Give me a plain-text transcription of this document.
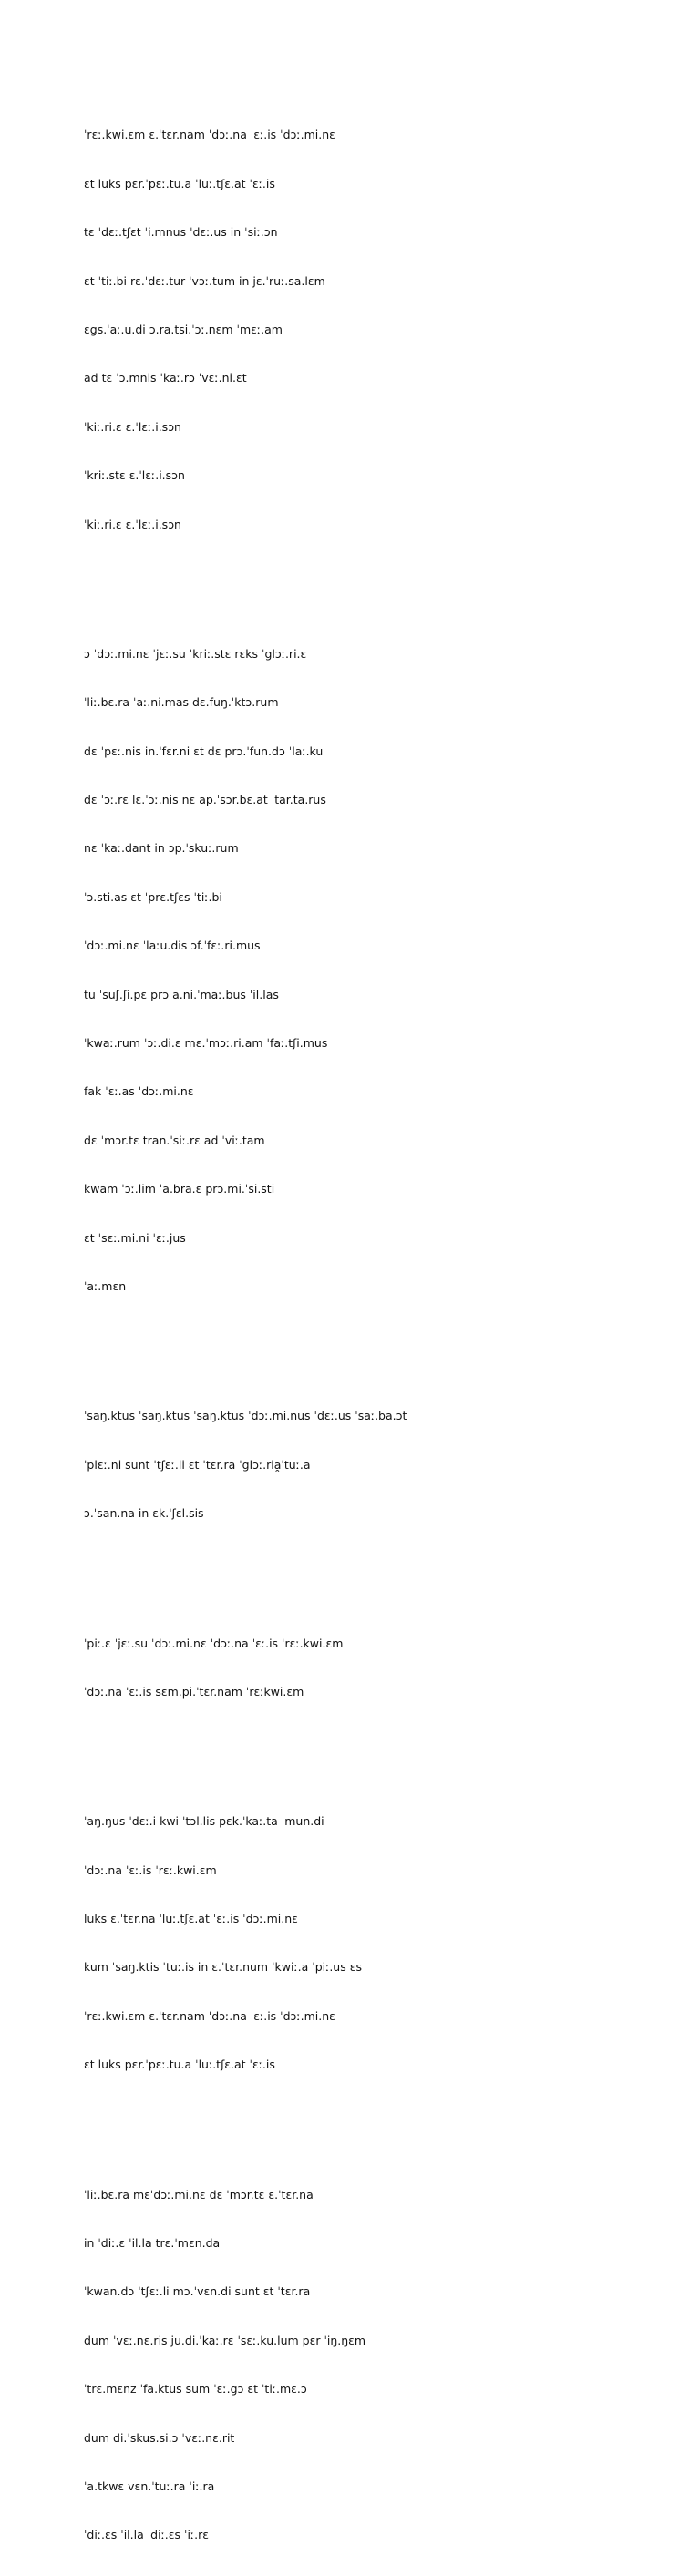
ˈrɛː.kwi.ɛm ɛ.ˈtɛr.nam ˈdɔː.na ˈɛː.is ˈdɔː.mi.nɛ

ɛt luks pɛr.ˈpɛː.tu.a ˈluː.tʃɛ.at ˈɛː.is

tɛ ˈdɛː.tʃɛt ˈi.mnus ˈdɛː.us in ˈsiː.ɔn

ɛt ˈtiː.bi rɛ.ˈdɛː.tur ˈvɔː.tum in jɛ.ˈruː.sa.lɛm

ɛgs.ˈaː.u.di ɔ.ra.tsi.ˈɔː.nɛm ˈmɛː.am

ad tɛ ˈɔ.mnis ˈkaː.rɔ ˈvɛː.ni.ɛt

ˈkiː.ri.ɛ ɛ.ˈlɛː.i.sɔn

ˈkriː.stɛ ɛ.ˈlɛː.i.sɔn

ˈkiː.ri.ɛ ɛ.ˈlɛː.i.sɔn

ɔ ˈdɔː.mi.nɛ ˈjɛː.su ˈkriː.stɛ rɛks ˈglɔː.ri.ɛ

ˈliː.bɛ.ra ˈaː.ni.mas dɛ.fuŋ.ˈktɔ.rum

dɛ ˈpɛː.nis in.ˈfɛr.ni ɛt dɛ prɔ.ˈfun.dɔ ˈlaː.ku

dɛ ˈɔː.rɛ lɛ.ˈɔː.nis nɛ ap.ˈsɔr.bɛ.at ˈtar.ta.rus

nɛ ˈkaː.dant in ɔp.ˈskuː.rum

ˈɔ.sti.as ɛt ˈprɛ.tʃɛs ˈtiː.bi

ˈdɔː.mi.nɛ ˈlaːu.dis ɔf.ˈfɛː.ri.mus

tu ˈsuʃ.ʃi.pɛ prɔ a.ni.ˈmaː.bus ˈil.las

ˈkwaː.rum ˈɔː.di.ɛ mɛ.ˈmɔː.ri.am ˈfaː.tʃi.mus

fak ˈɛː.as ˈdɔː.mi.nɛ

dɛ ˈmɔr.tɛ tran.ˈsiː.rɛ ad ˈviː.tam

kwam ˈɔː.lim ˈa.bra.ɛ prɔ.mi.ˈsi.sti

ɛt ˈsɛː.mi.ni ˈɛː.jus

ˈaː.mɛn

ˈsaŋ.ktus ˈsaŋ.ktus ˈsaŋ.ktus ˈdɔː.mi.nus ˈdɛː.us ˈsaː.ba.ɔt

ˈplɛː.ni sunt ˈtʃɛː.li ɛt ˈtɛr.ra ˈglɔː.ria̯ˈtuː.a

ɔ.ˈsan.na in ɛk.ˈʃɛl.sis

ˈpiː.ɛ ˈjɛː.su ˈdɔː.mi.nɛ ˈdɔː.na ˈɛː.is ˈrɛː.kwi.ɛm

ˈdɔː.na ˈɛː.is sɛm.pi.ˈtɛr.nam ˈrɛːkwi.ɛm

ˈaŋ.ŋus ˈdɛː.i kwi ˈtɔl.lis pɛk.ˈkaː.ta ˈmun.di

ˈdɔː.na ˈɛː.is ˈrɛː.kwi.ɛm

luks ɛ.ˈtɛr.na ˈluː.tʃɛ.at ˈɛː.is ˈdɔː.mi.nɛ

kum ˈsaŋ.ktis ˈtuː.is in ɛ.ˈtɛr.num ˈkwiː.a ˈpiː.us ɛs

ˈrɛː.kwi.ɛm ɛ.ˈtɛr.nam ˈdɔː.na ˈɛː.is ˈdɔː.mi.nɛ

ɛt luks pɛr.ˈpɛː.tu.a ˈluː.tʃɛ.at ˈɛː.is

ˈliː.bɛ.ra mɛˈdɔː.mi.nɛ dɛ ˈmɔr.tɛ ɛ.ˈtɛr.na

in ˈdiː.ɛ ˈil.la trɛ.ˈmɛn.da

ˈkwan.dɔ ˈtʃɛː.li mɔ.ˈvɛn.di sunt ɛt ˈtɛr.ra

dum ˈvɛː.nɛ.ris ju.di.ˈkaː.rɛ ˈsɛː.ku.lum pɛr ˈiŋ.ŋɛm

ˈtrɛ.mɛnz ˈfa.ktus sum ˈɛː.gɔ ɛt ˈtiː.mɛ.ɔ

dum di.ˈskus.si.ɔ ˈvɛː.nɛ.rit

ˈa.tkwɛ vɛn.ˈtuː.ra ˈiː.ra

ˈdiː.ɛs ˈil.la ˈdiː.ɛs ˈiː.rɛ
